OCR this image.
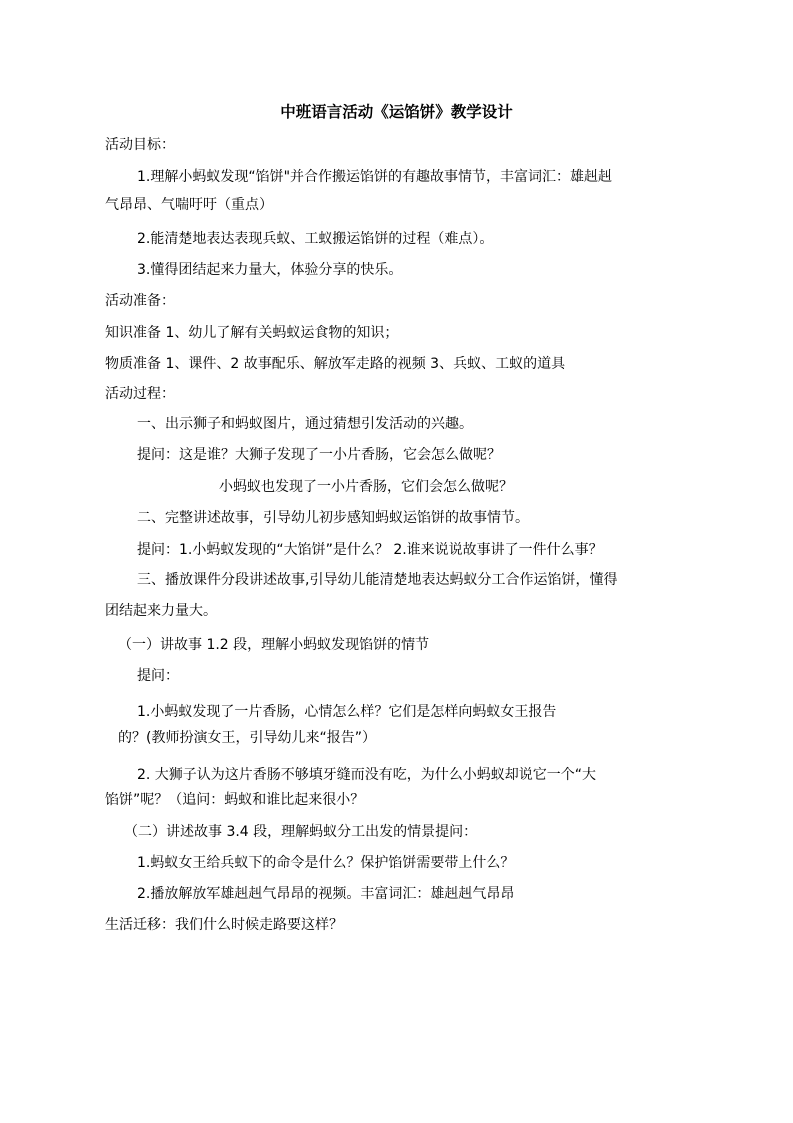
中班语言活动《运馅饼》教学设计
活动目标：
1.理解小蚂蚁发现“馅饼"并合作搬运馅饼的有趣故事情节，丰富词汇：雄赳赳
气昂昂、气喘吁吁（重点）
2.能清楚地表达表现兵蚁、工蚁搬运馅饼的过程（难点）。
3.懂得团结起来力量大，体验分享的快乐。
活动准备：
知识准备 1、幼儿了解有关蚂蚁运食物的知识；
物质准备 1、课件、2 故事配乐、解放军走路的视频 3、兵蚁、工蚁的道具
活动过程：
一、出示狮子和蚂蚁图片，通过猜想引发活动的兴趣。
提问：这是谁？大狮子发现了一小片香肠，它会怎么做呢？
小蚂蚁也发现了一小片香肠，它们会怎么做呢？
二、完整讲述故事，引导幼儿初步感知蚂蚁运馅饼的故事情节。
提问：1.小蚂蚁发现的“大馅饼”是什么？ 2.谁来说说故事讲了一件什么事？
三、播放课件分段讲述故事,引导幼儿能清楚地表达蚂蚁分工合作运馅饼，懂得
团结起来力量大。
（一）讲故事 1.2 段，理解小蚂蚁发现馅饼的情节
提问：
1.小蚂蚁发现了一片香肠，心情怎么样？它们是怎样向蚂蚁女王报告
的？(教师扮演女王，引导幼儿来“报告”）
2. 大狮子认为这片香肠不够填牙缝而没有吃，为什么小蚂蚁却说它一个“大
馅饼”呢？（追问：蚂蚁和谁比起来很小？
（二）讲述故事 3.4 段，理解蚂蚁分工出发的情景提问：
1.蚂蚁女王给兵蚁下的命令是什么？保护馅饼需要带上什么？
2.播放解放军雄赳赳气昂昂的视频。丰富词汇：雄赳赳气昂昂
生活迁移：我们什么时候走路要这样？
